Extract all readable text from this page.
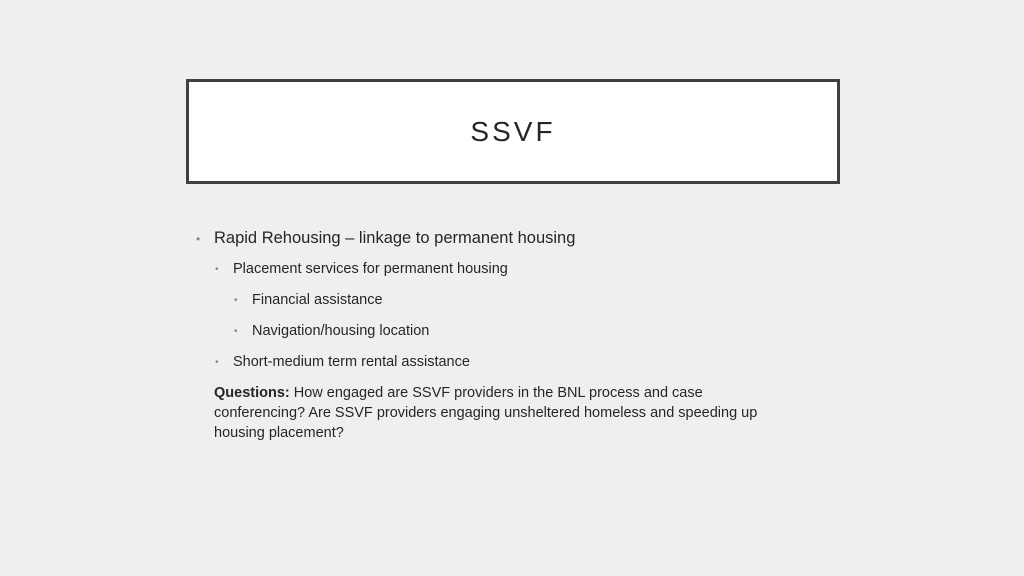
SSVF
• Rapid Rehousing – linkage to permanent housing
• Placement services for permanent housing
• Financial assistance
• Navigation/housing location
• Short-medium term rental assistance
Questions: How engaged are SSVF providers in the BNL process and case conferencing? Are SSVF providers engaging unsheltered homeless and speeding up housing placement?
